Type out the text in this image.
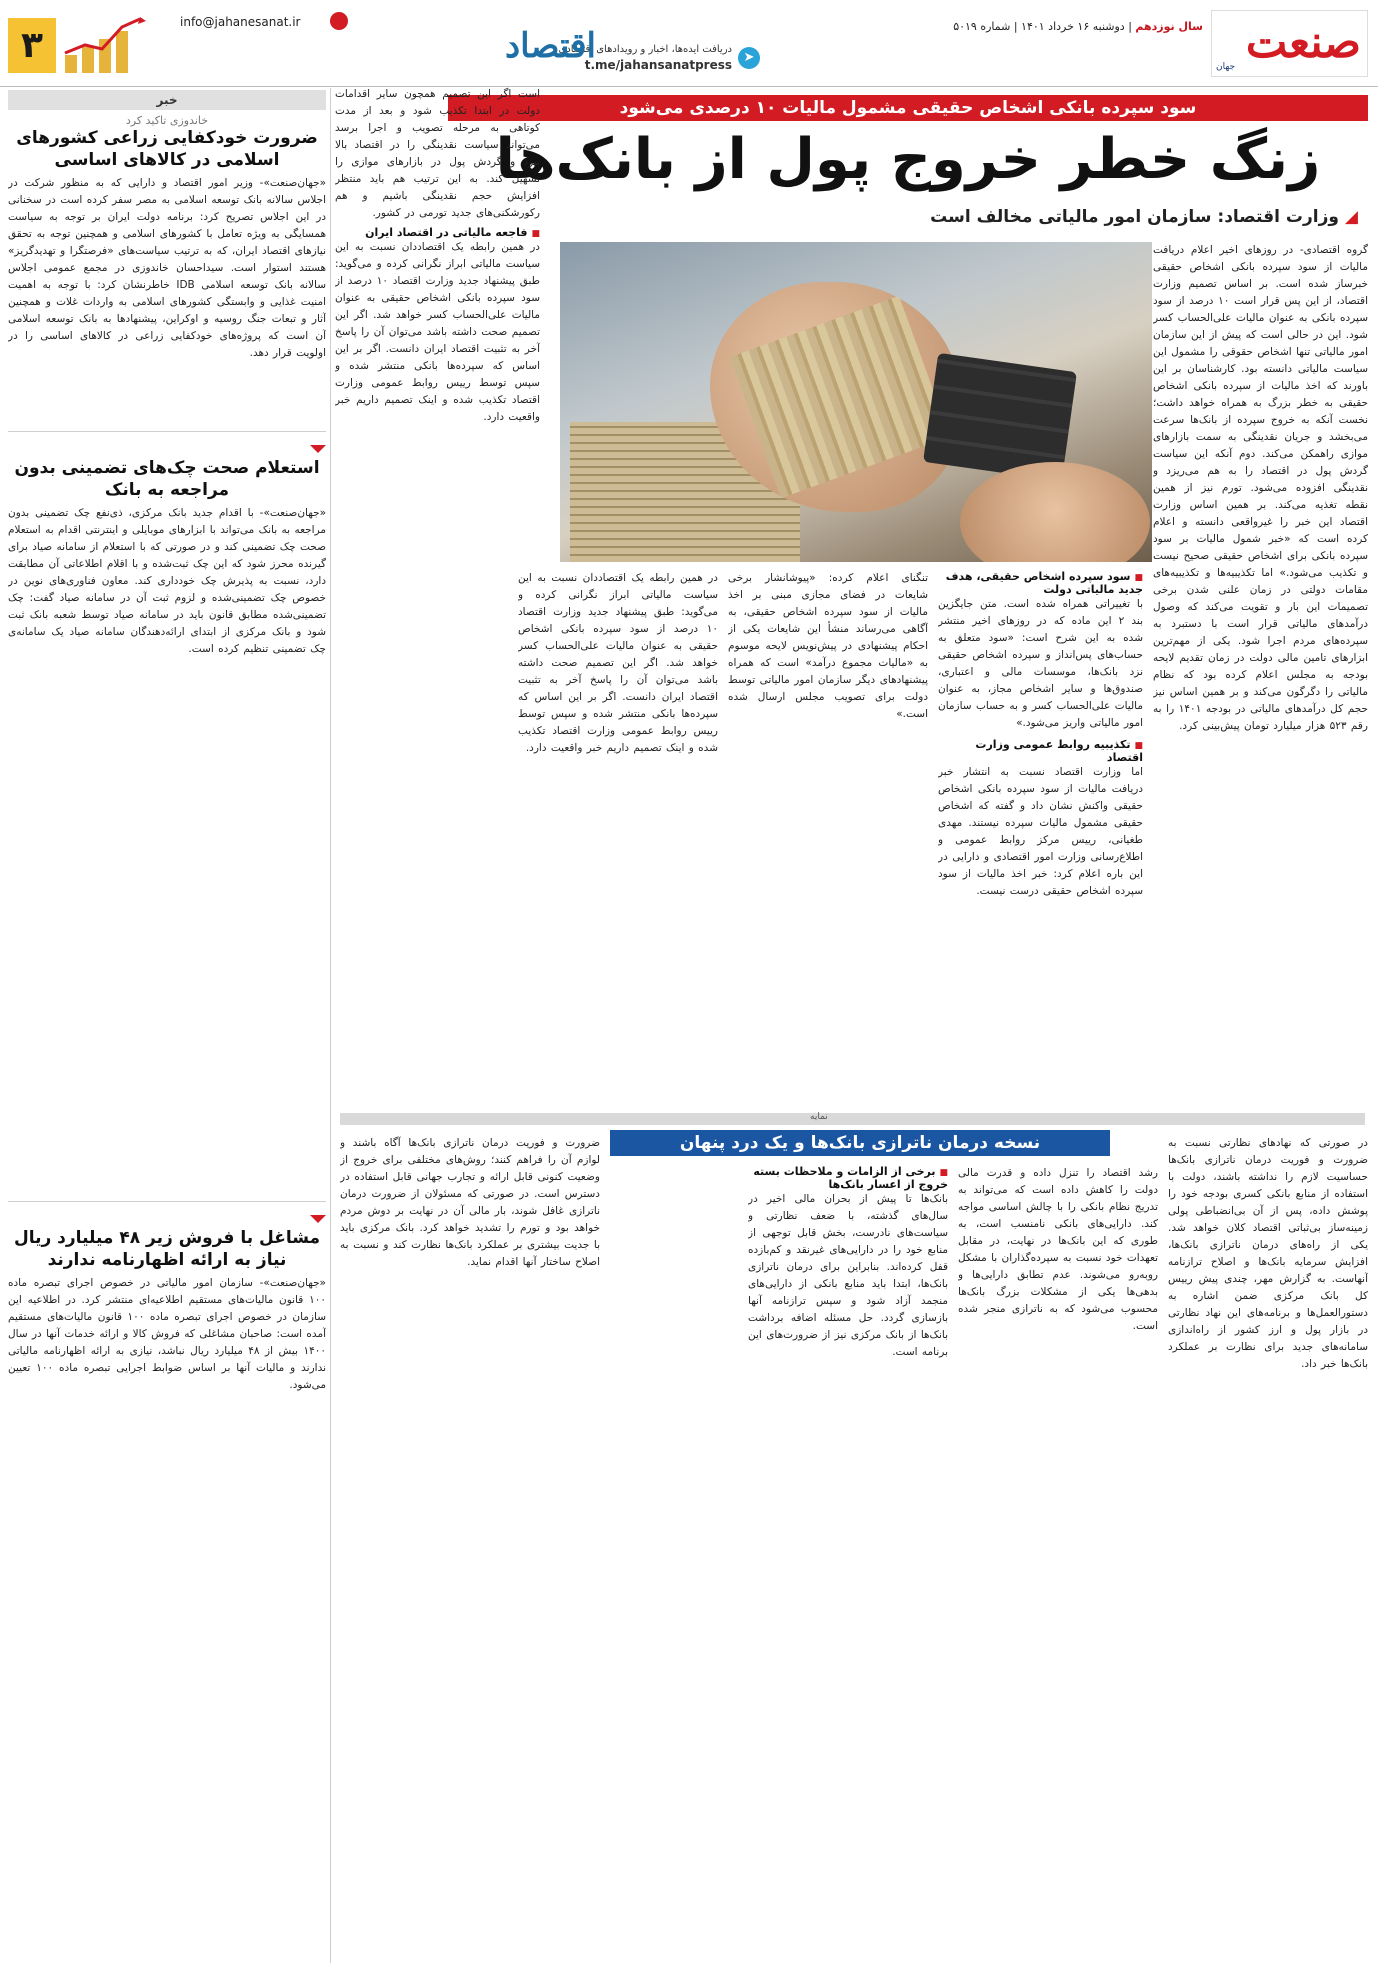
صنعت
جهان
سال نوزدهم | دوشنبه ۱۶ خرداد ۱۴۰۱ | شماره ۵۰۱۹
➤
دریافت ایده‌ها، اخبار و رویدادهای اقتصادی
t.me/jahansanatpress
اقتصاد
info@jahanesanat.ir
۳
سود سپرده بانکی اشخاص حقیقی مشمول مالیات ۱۰ درصدی می‌شود
زنگ خطر خروج پول از بانک‌ها
◢وزارت اقتصاد: سازمان امور مالیاتی مخالف است
گروه اقتصادی- در روزهای اخیر اعلام دریافت مالیات از سود سپرده بانکی اشخاص حقیقی خبرساز شده است. بر اساس تصمیم وزارت اقتصاد، از این پس قرار است ۱۰ درصد از سود سپرده بانکی به عنوان مالیات علی‌الحساب کسر شود. این در حالی است که پیش از این سازمان امور مالیاتی تنها اشخاص حقوقی را مشمول این سیاست مالیاتی دانسته بود. کارشناسان بر این باورند که اخذ مالیات از سپرده بانکی اشخاص حقیقی به خطر بزرگ به همراه خواهد داشت؛ نخست آنکه به خروج سپرده از بانک‌ها سرعت می‌بخشد و جریان نقدینگی به سمت بازارهای موازی راهمکن می‌کند. دوم آنکه این سیاست گردش پول در اقتصاد را به هم می‌ریزد و نقدینگی افزوده می‌شود. تورم نیز از همین نقطه تغذیه می‌کند. بر همین اساس وزارت اقتصاد این خبر را غیرواقعی دانسته و اعلام کرده است که «خبر شمول مالیات بر سود سپرده بانکی برای اشخاص حقیقی صحیح نیست و تکذیب می‌شود.» اما تکذیبیه‌ها و تکذیبیه‌های مقامات دولتی در زمان علنی شدن برخی تصمیمات این بار و تقویت می‌کند که وصول درآمدهای مالیاتی قرار است با دستبرد به سپرده‌های مردم اجرا شود. یکی از مهم‌ترین ابزارهای تامین مالی دولت در زمان تقدیم لایحه بودجه به مجلس اعلام کرده بود که نظام مالیاتی را دگرگون می‌کند و بر همین اساس نیز حجم کل درآمدهای مالیاتی در بودجه ۱۴۰۱ را به رقم ۵۲۳ هزار میلیارد تومان پیش‌بینی کرد.
■ سود سپرده اشخاص حقیقی، هدف جدید مالیاتی دولت
با تغییراتی همراه شده است. متن جایگزین بند ۲ این ماده که در روزهای اخیر منتشر شده به این شرح است: «سود متعلق به حساب‌های پس‌انداز و سپرده اشخاص حقیقی نزد بانک‌ها، موسسات مالی و اعتباری، صندوق‌ها و سایر اشخاص مجاز، به عنوان مالیات علی‌الحساب کسر و به حساب سازمان امور مالیاتی واریز می‌شود.»
■ تکذیبیه روابط عمومی وزارت اقتصاد
اما وزارت اقتصاد نسبت به انتشار خبر دریافت مالیات از سود سپرده بانکی اشخاص حقیقی واکنش نشان داد و گفته که اشخاص حقیقی مشمول مالیات سپرده نیستند. مهدی طغیانی، رییس مرکز روابط عمومی و اطلاع‌رسانی وزارت امور اقتصادی و دارایی در این باره اعلام کرد: خبر اخذ مالیات از سود سپرده اشخاص حقیقی درست نیست.
تنگنای اعلام کرده: «پیوشانشار برخی شایعات در فضای مجازی مبنی بر اخذ مالیات از سود سپرده اشخاص حقیقی، به آگاهی می‌رساند منشأ این شایعات یکی از احکام پیشنهادی در پیش‌نویس لایحه موسوم به «مالیات مجموع درآمد» است که همراه پیشنهادهای دیگر سازمان امور مالیاتی توسط دولت برای تصویب مجلس ارسال شده است.»
در همین رابطه یک اقتصاددان نسبت به این سیاست مالیاتی ابراز نگرانی کرده و می‌گوید: طبق پیشنهاد جدید وزارت اقتصاد ۱۰ درصد از سود سپرده بانکی اشخاص حقیقی به عنوان مالیات علی‌الحساب کسر خواهد شد. اگر این تصمیم صحت داشته باشد می‌توان آن را پاسخ آخر به تثبیت اقتصاد ایران دانست. اگر بر این اساس که سپرده‌ها بانکی منتشر شده و سپس توسط رییس روابط عمومی وزارت اقتصاد تکذیب شده و اینک تصمیم داریم خبر واقعیت دارد.
است اگر این تصمیم همچون سایر اقدامات دولت در ابتدا تکذیب شود و بعد از مدت کوتاهی به مرحله تصویب و اجرا برسد می‌تواند سیاست نقدینگی را در اقتصاد بالا ببرد و گردش پول در بازارهای موازی را تسهیل کند. به این ترتیب هم باید منتظر افزایش حجم نقدینگی باشیم و هم رکورشکنی‌های جدید تورمی در کشور.
■ فاجعه مالیاتی در اقتصاد ایران
در همین رابطه یک اقتصاددان نسبت به این سیاست مالیاتی ابراز نگرانی کرده و می‌گوید: طبق پیشنهاد جدید وزارت اقتصاد ۱۰ درصد از سود سپرده بانکی اشخاص حقیقی به عنوان مالیات علی‌الحساب کسر خواهد شد. اگر این تصمیم صحت داشته باشد می‌توان آن را پاسخ آخر به تثبیت اقتصاد ایران دانست. اگر بر این اساس که سپرده‌ها بانکی منتشر شده و سپس توسط رییس روابط عمومی وزارت اقتصاد تکذیب شده و اینک تصمیم داریم خبر واقعیت دارد.
خبر
خاندوزی تاکید کرد
ضرورت خودکفایی زراعی کشورهای اسلامی در کالاهای اساسی
«جهان‌صنعت»- وزیر امور اقتصاد و دارایی که به منظور شرکت در اجلاس سالانه بانک توسعه اسلامی به مصر سفر کرده است در سخنانی در این اجلاس تصریح کرد: برنامه دولت ایران بر توجه به سیاست همسایگی به ویژه تعامل با کشورهای اسلامی و همچنین توجه به تحقق نیازهای اقتصاد ایران، که به ترتیب سیاست‌های «فرصتگرا و تهدیدگریز» هستند استوار است. سیداحسان خاندوزی در مجمع عمومی اجلاس سالانه بانک توسعه اسلامی IDB خاطرنشان کرد: با توجه به اهمیت امنیت غذایی و وابستگی کشورهای اسلامی به واردات غلات و همچنین آثار و تبعات جنگ روسیه و اوکراین، پیشنهادها به بانک توسعه اسلامی آن است که پروژه‌های خودکفایی زراعی در کالاهای اساسی را در اولویت قرار دهد.
استعلام صحت چک‌های تضمینی بدون مراجعه به بانک
«جهان‌صنعت»- با اقدام جدید بانک مرکزی، ذی‌نفع چک تضمینی بدون مراجعه به بانک می‌تواند با ابزارهای موبایلی و اینترنتی اقدام به استعلام صحت چک تضمینی کند و در صورتی که با استعلام از سامانه صیاد برای گیرنده محرز شود که این چک ثبت‌شده و با اقلام اطلاعاتی آن مطابقت دارد، نسبت به پذیرش چک خودداری کند. معاون فناوری‌های نوین در خصوص چک تضمینی‌شده و لزوم ثبت آن در سامانه صیاد گفت: چک تضمینی‌شده مطابق قانون باید در سامانه صیاد توسط شعبه بانک ثبت شود و بانک مرکزی از ابتدای ارائه‌دهندگان سامانه صیاد یک سامانه‌ی چک تضمینی تنظیم کرده است.
مشاغل با فروش زیر ۴۸ میلیارد ریال نیاز به ارائه اظهارنامه ندارند
«جهان‌صنعت»- سازمان امور مالیاتی در خصوص اجرای تبصره ماده ۱۰۰ قانون مالیات‌های مستقیم اطلاعیه‌ای منتشر کرد. در اطلاعیه این سازمان در خصوص اجرای تبصره ماده ۱۰۰ قانون مالیات‌های مستقیم آمده است: صاحبان مشاغلی که فروش کالا و ارائه خدمات آنها در سال ۱۴۰۰ بیش از ۴۸ میلیارد ریال نباشد، نیازی به ارائه اظهارنامه مالیاتی ندارند و مالیات آنها بر اساس ضوابط اجرایی تبصره ماده ۱۰۰ تعیین می‌شود.
نمایه
نسخه درمان ناترازی بانک‌ها و یک درد پنهان	در صورتی که نهادهای نظارتی نسبت به ضرورت و فوریت درمان ناترازی بانک‌ها حساسیت لازم را نداشته باشند، دولت با استفاده از منابع بانکی کسری بودجه خود را پوشش داده، پس از آن بی‌انضباطی پولی زمینه‌ساز بی‌ثباتی اقتصاد کلان خواهد شد. یکی از راه‌های درمان ناترازی بانک‌ها، افزایش سرمایه بانک‌ها و اصلاح ترازنامه آنهاست. به گزارش مهر، چندی پیش رییس کل بانک مرکزی ضمن اشاره به دستورالعمل‌ها و برنامه‌های این نهاد نظارتی در بازار پول و ارز کشور از راه‌اندازی سامانه‌های جدید برای نظارت بر عملکرد بانک‌ها خبر داد.
رشد اقتصاد را تنزل داده و قدرت مالی دولت را کاهش داده است که می‌تواند به تدریج نظام بانکی را با چالش اساسی مواجه کند. دارایی‌های بانکی نامنسب است، به طوری که این بانک‌ها در نهایت، در مقابل تعهدات خود نسبت به سپرده‌گذاران با مشکل روبه‌رو می‌شوند. عدم تطابق دارایی‌ها و بدهی‌ها یکی از مشکلات بزرگ بانک‌ها محسوب می‌شود که به ناترازی منجر شده است.
■ برخی از الزامات و ملاحظات بسته خروج از اعسار بانک‌ها
بانک‌ها تا پیش از بحران مالی اخیر در سال‌های گذشته، با ضعف نظارتی و سیاست‌های نادرست، بخش قابل توجهی از منابع خود را در دارایی‌های غیرنقد و کم‌بازده قفل کرده‌اند. بنابراین برای درمان ناترازی بانک‌ها، ابتدا باید منابع بانکی از دارایی‌های منجمد آزاد شود و سپس ترازنامه آنها بازسازی گردد. حل مسئله اضافه برداشت بانک‌ها از بانک مرکزی نیز از ضرورت‌های این برنامه است.
ضرورت و فوریت درمان ناترازی بانک‌ها آگاه باشند و لوازم آن را فراهم کنند؛ روش‌های مختلفی برای خروج از وضعیت کنونی قابل ارائه و تجارب جهانی قابل استفاده در دسترس است. در صورتی که مسئولان از ضرورت درمان ناترازی غافل شوند، بار مالی آن در نهایت بر دوش مردم خواهد بود و تورم را تشدید خواهد کرد. بانک مرکزی باید با جدیت بیشتری بر عملکرد بانک‌ها نظارت کند و نسبت به اصلاح ساختار آنها اقدام نماید.
